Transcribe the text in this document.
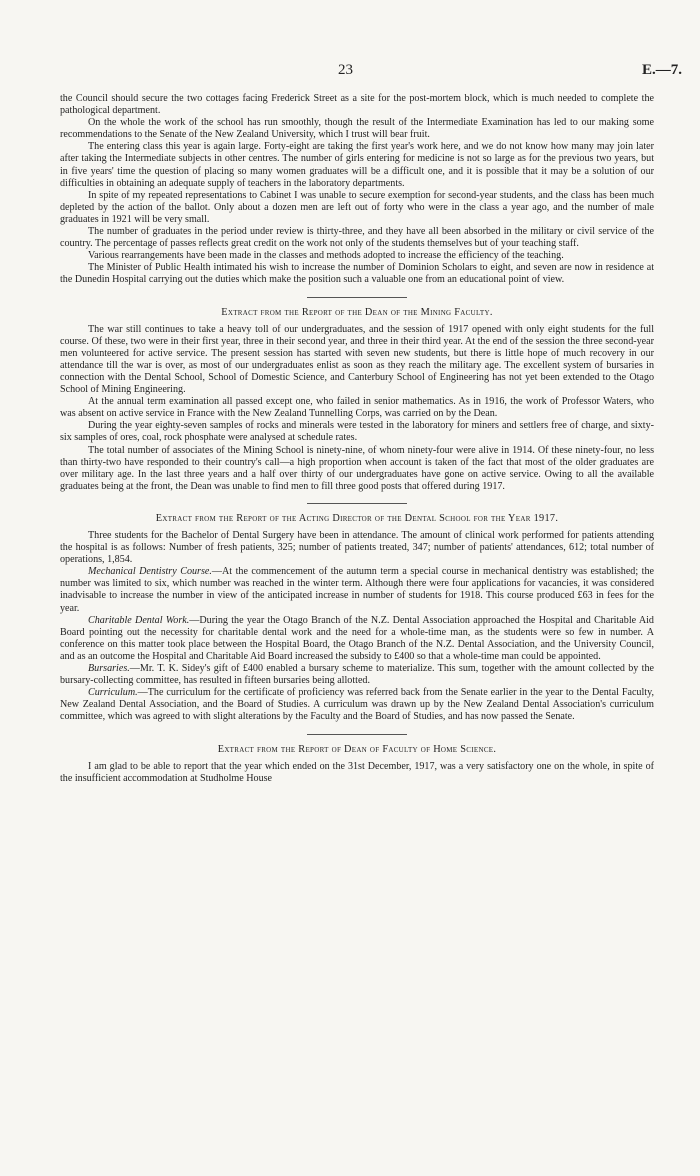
23	E.—7.

the Council should secure the two cottages facing Frederick Street as a site for the post-mortem block, which is much needed to complete the pathological department.

On the whole the work of the school has run smoothly, though the result of the Intermediate Examination has led to our making some recommendations to the Senate of the New Zealand University, which I trust will bear fruit.

The entering class this year is again large. Forty-eight are taking the first year's work here, and we do not know how many may join later after taking the Intermediate subjects in other centres. The number of girls entering for medicine is not so large as for the previous two years, but in five years' time the question of placing so many women graduates will be a difficult one, and it is possible that it may be a solution of our difficulties in obtaining an adequate supply of teachers in the laboratory departments.

In spite of my repeated representations to Cabinet I was unable to secure exemption for second-year students, and the class has been much depleted by the action of the ballot. Only about a dozen men are left out of forty who were in the class a year ago, and the number of male graduates in 1921 will be very small.

The number of graduates in the period under review is thirty-three, and they have all been absorbed in the military or civil service of the country. The percentage of passes reflects great credit on the work not only of the students themselves but of your teaching staff.

Various rearrangements have been made in the classes and methods adopted to increase the efficiency of the teaching.

The Minister of Public Health intimated his wish to increase the number of Dominion Scholars to eight, and seven are now in residence at the Dunedin Hospital carrying out the duties which make the position such a valuable one from an educational point of view.

Extract from the Report of the Dean of the Mining Faculty.

The war still continues to take a heavy toll of our undergraduates, and the session of 1917 opened with only eight students for the full course. Of these, two were in their first year, three in their second year, and three in their third year. At the end of the session the three second-year men volunteered for active service. The present session has started with seven new students, but there is little hope of much recovery in our attendance till the war is over, as most of our undergraduates enlist as soon as they reach the military age. The excellent system of bursaries in connection with the Dental School, School of Domestic Science, and Canterbury School of Engineering has not yet been extended to the Otago School of Mining Engineering.

At the annual term examination all passed except one, who failed in senior mathematics. As in 1916, the work of Professor Waters, who was absent on active service in France with the New Zealand Tunnelling Corps, was carried on by the Dean.

During the year eighty-seven samples of rocks and minerals were tested in the laboratory for miners and settlers free of charge, and sixty-six samples of ores, coal, rock phosphate were analysed at schedule rates.

The total number of associates of the Mining School is ninety-nine, of whom ninety-four were alive in 1914. Of these ninety-four, no less than thirty-two have responded to their country's call—a high proportion when account is taken of the fact that most of the older graduates are over military age. In the last three years and a half over thirty of our undergraduates have gone on active service. Owing to all the available graduates being at the front, the Dean was unable to find men to fill three good posts that offered during 1917.

Extract from the Report of the Acting Director of the Dental School for the Year 1917.

Three students for the Bachelor of Dental Surgery have been in attendance. The amount of clinical work performed for patients attending the hospital is as follows: Number of fresh patients, 325; number of patients treated, 347; number of patients' attendances, 612; total number of operations, 1,854.

Mechanical Dentistry Course.—At the commencement of the autumn term a special course in mechanical dentistry was established; the number was limited to six, which number was reached in the winter term. Although there were four applications for vacancies, it was considered inadvisable to increase the number in view of the anticipated increase in number of students for 1918. This course produced £63 in fees for the year.

Charitable Dental Work.—During the year the Otago Branch of the N.Z. Dental Association approached the Hospital and Charitable Aid Board pointing out the necessity for charitable dental work and the need for a whole-time man, as the students were so few in number. A conference on this matter took place between the Hospital Board, the Otago Branch of the N.Z. Dental Association, and the University Council, and as an outcome the Hospital and Charitable Aid Board increased the subsidy to £400 so that a whole-time man could be appointed.

Bursaries.—Mr. T. K. Sidey's gift of £400 enabled a bursary scheme to materialize. This sum, together with the amount collected by the bursary-collecting committee, has resulted in fifteen bursaries being allotted.

Curriculum.—The curriculum for the certificate of proficiency was referred back from the Senate earlier in the year to the Dental Faculty, New Zealand Dental Association, and the Board of Studies. A curriculum was drawn up by the New Zealand Dental Association's curriculum committee, which was agreed to with slight alterations by the Faculty and the Board of Studies, and has now passed the Senate.

Extract from the Report of Dean of Faculty of Home Science.

I am glad to be able to report that the year which ended on the 31st December, 1917, was a very satisfactory one on the whole, in spite of the insufficient accommodation at Studholme House
